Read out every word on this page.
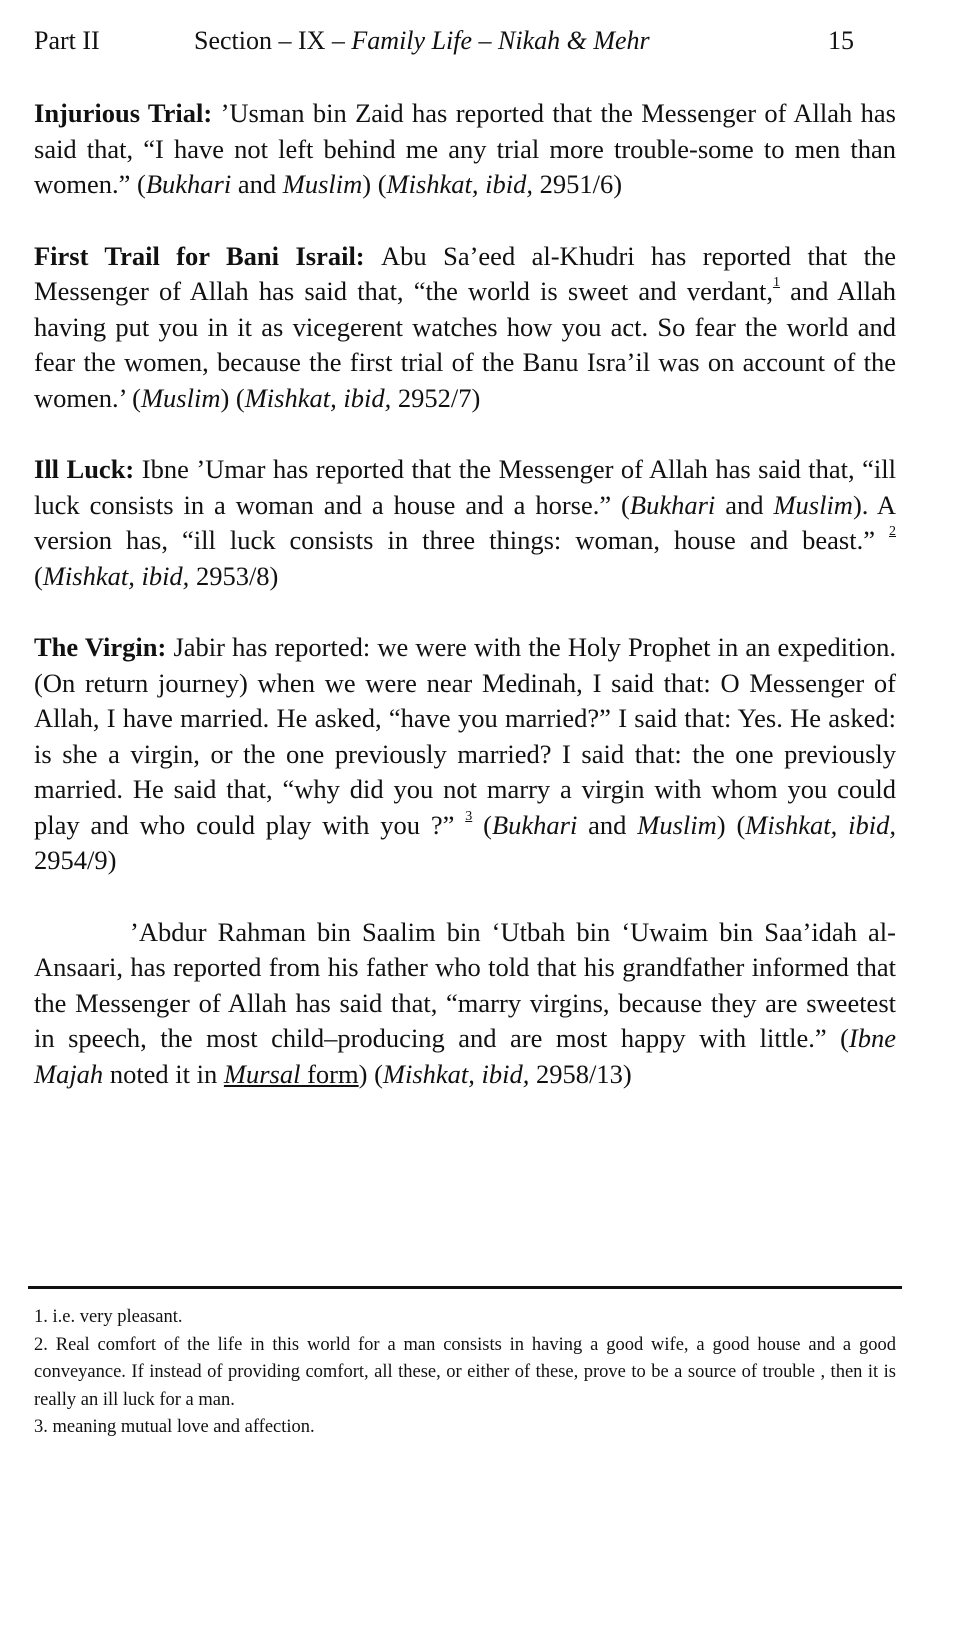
Part II	Section – IX – Family Life – Nikah & Mehr	15

Injurious Trial: ’Usman bin Zaid has reported that the Messenger of Allah has said that, “I have not left behind me any trial more trouble-some to men than women.” (Bukhari and Muslim) (Mishkat, ibid, 2951/6)

First Trail for Bani Israil: Abu Sa’eed al-Khudri has reported that the Messenger of Allah has said that, “the world is sweet and verdant,$^1$ and Allah having put you in it as vicegerent watches how you act. So fear the world and fear the women, because the first trial of the Banu Isra’il was on account of the women.’ (Muslim) (Mishkat, ibid, 2952/7)

Ill Luck: Ibne ’Umar has reported that the Messenger of Allah has said that, “ill luck consists in a woman and a house and a horse.” (Bukhari and Muslim). A version has, “ill luck consists in three things: woman, house and beast.” $^2$ (Mishkat, ibid, 2953/8)

The Virgin: Jabir has reported: we were with the Holy Prophet in an expedition. (On return journey) when we were near Medinah, I said that: O Messenger of Allah, I have married. He asked, “have you married?” I said that: Yes. He asked: is she a virgin, or the one previously married? I said that: the one previously married. He said that, “why did you not marry a virgin with whom you could play and who could play with you ?” $^3$ (Bukhari and Muslim) (Mishkat, ibid, 2954/9)

’Abdur Rahman bin Saalim bin ‘Utbah bin ‘Uwaim bin Saa’idah al-Ansaari, has reported from his father who told that his grandfather informed that the Messenger of Allah has said that, “marry virgins, because they are sweetest in speech, the most child–producing and are most happy with little.” (Ibne Majah noted it in Mursal form) (Mishkat, ibid, 2958/13)

1. i.e. very pleasant.

2. Real comfort of the life in this world for a man consists in having a good wife, a good house and a good conveyance. If instead of providing comfort, all these, or either of these, prove to be a source of trouble , then it is really an ill luck for a man.

3. meaning mutual love and affection.
